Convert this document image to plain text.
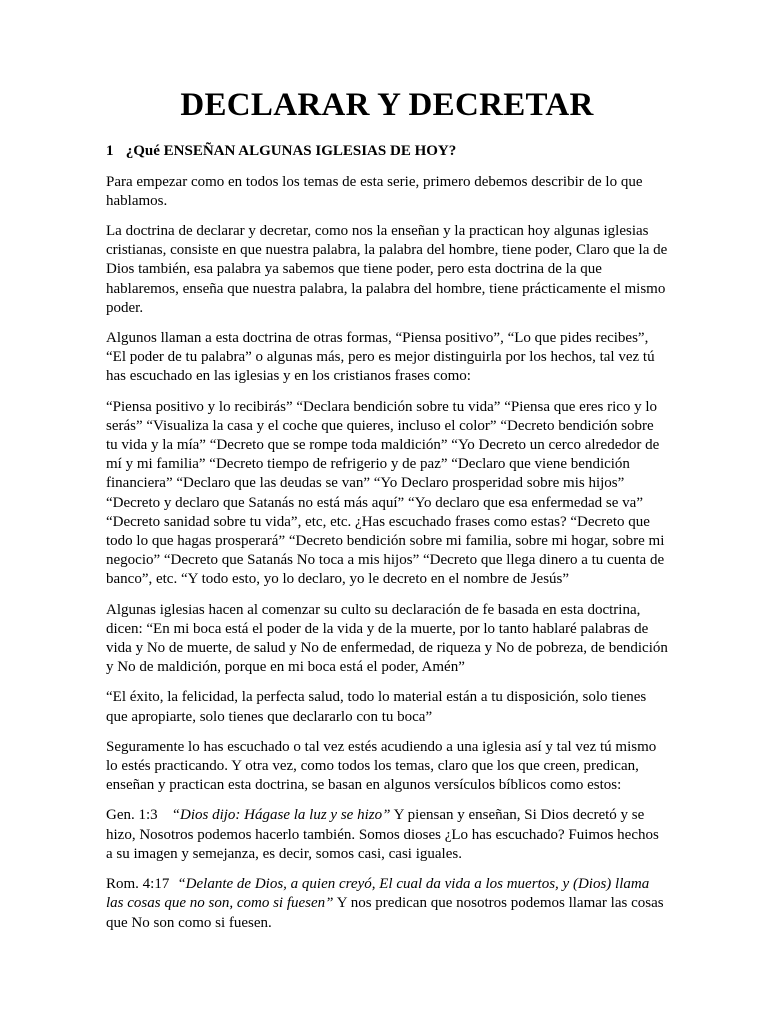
DECLARAR Y DECRETAR
1 ¿Qué ENSEÑAN ALGUNAS IGLESIAS DE HOY?

Para empezar como en todos los temas de esta serie, primero debemos describir de lo que hablamos.

La doctrina de declarar y decretar, como nos la enseñan y la practican hoy algunas iglesias cristianas, consiste en que nuestra palabra, la palabra del hombre, tiene poder, Claro que la de Dios también, esa palabra ya sabemos que tiene poder, pero esta doctrina de la que hablaremos, enseña que nuestra palabra, la palabra del hombre, tiene prácticamente el mismo poder.

Algunos llaman a esta doctrina de otras formas, “Piensa positivo”, “Lo que pides recibes”, “El poder de tu palabra” o algunas más, pero es mejor distinguirla por los hechos, tal vez tú has escuchado en las iglesias y en los cristianos frases como:

“Piensa positivo y lo recibirás” “Declara bendición sobre tu vida” “Piensa que eres rico y lo serás” “Visualiza la casa y el coche que quieres, incluso el color” “Decreto bendición sobre tu vida y la mía” “Decreto que se rompe toda maldición” “Yo Decreto un cerco alrededor de mí y mi familia” “Decreto tiempo de refrigerio y de paz” “Declaro que viene bendición financiera” “Declaro que las deudas se van” “Yo Declaro prosperidad sobre mis hijos” “Decreto y declaro que Satanás no está más aquí” “Yo declaro que esa enfermedad se va” “Decreto sanidad sobre tu vida”, etc, etc. ¿Has escuchado frases como estas? “Decreto que todo lo que hagas prosperará” “Decreto bendición sobre mi familia, sobre mi hogar, sobre mi negocio” “Decreto que Satanás No toca a mis hijos” “Decreto que llega dinero a tu cuenta de banco”, etc. “Y todo esto, yo lo declaro, yo le decreto en el nombre de Jesús”

Algunas iglesias hacen al comenzar su culto su declaración de fe basada en esta doctrina, dicen: “En mi boca está el poder de la vida y de la muerte, por lo tanto hablaré palabras de vida y No de muerte, de salud y No de enfermedad, de riqueza y No de pobreza, de bendición y No de maldición, porque en mi boca está el poder, Amén”

“El éxito, la felicidad, la perfecta salud, todo lo material están a tu disposición, solo tienes que apropiarte, solo tienes que declararlo con tu boca”

Seguramente lo has escuchado o tal vez estés acudiendo a una iglesia así y tal vez tú mismo lo estés practicando. Y otra vez, como todos los temas, claro que los que creen, predican, enseñan y practican esta doctrina, se basan en algunos versículos bíblicos como estos:

Gen. 1:3 “Dios dijo: Hágase la luz y se hizo” Y piensan y enseñan, Si Dios decretó y se hizo, Nosotros podemos hacerlo también. Somos dioses ¿Lo has escuchado? Fuimos hechos a su imagen y semejanza, es decir, somos casi, casi iguales.

Rom. 4:17 “Delante de Dios, a quien creyó, El cual da vida a los muertos, y (Dios) llama las cosas que no son, como si fuesen” Y nos predican que nosotros podemos llamar las cosas que No son como si fuesen.
